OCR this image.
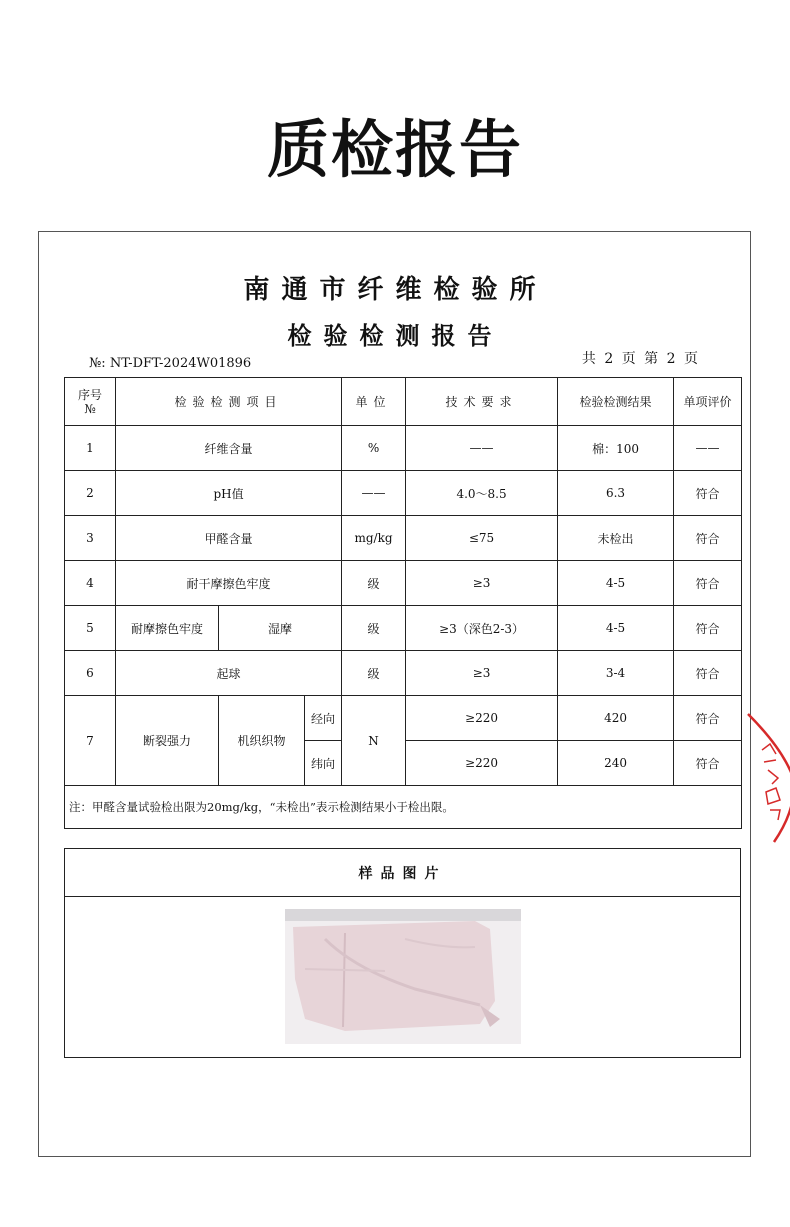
质检报告
南通市纤维检验所
检验检测报告
№: NT-DFT-2024W01896	共 2 页 第 2 页
序号
№	检验检测项目			单位	技术要求	检验检测结果	单项评价
1	纤维含量			%	——	棉：100	——
2	pH值			——	4.0～8.5	6.3	符合
3	甲醛含量			mg/kg	≤75	未检出	符合
4	耐干摩擦色牢度			级	≥3	4-5	符合
5	耐摩擦色牢度	湿摩		级	≥3（深色2-3）	4-5	符合
6	起球			级	≥3	3-4	符合
7	断裂强力	机织织物	经向	N	≥220	420	符合
			纬向		≥220	240	符合
注：甲醛含量试验检出限为20mg/kg，“未检出”表示检测结果小于检出限。							
样品图片
